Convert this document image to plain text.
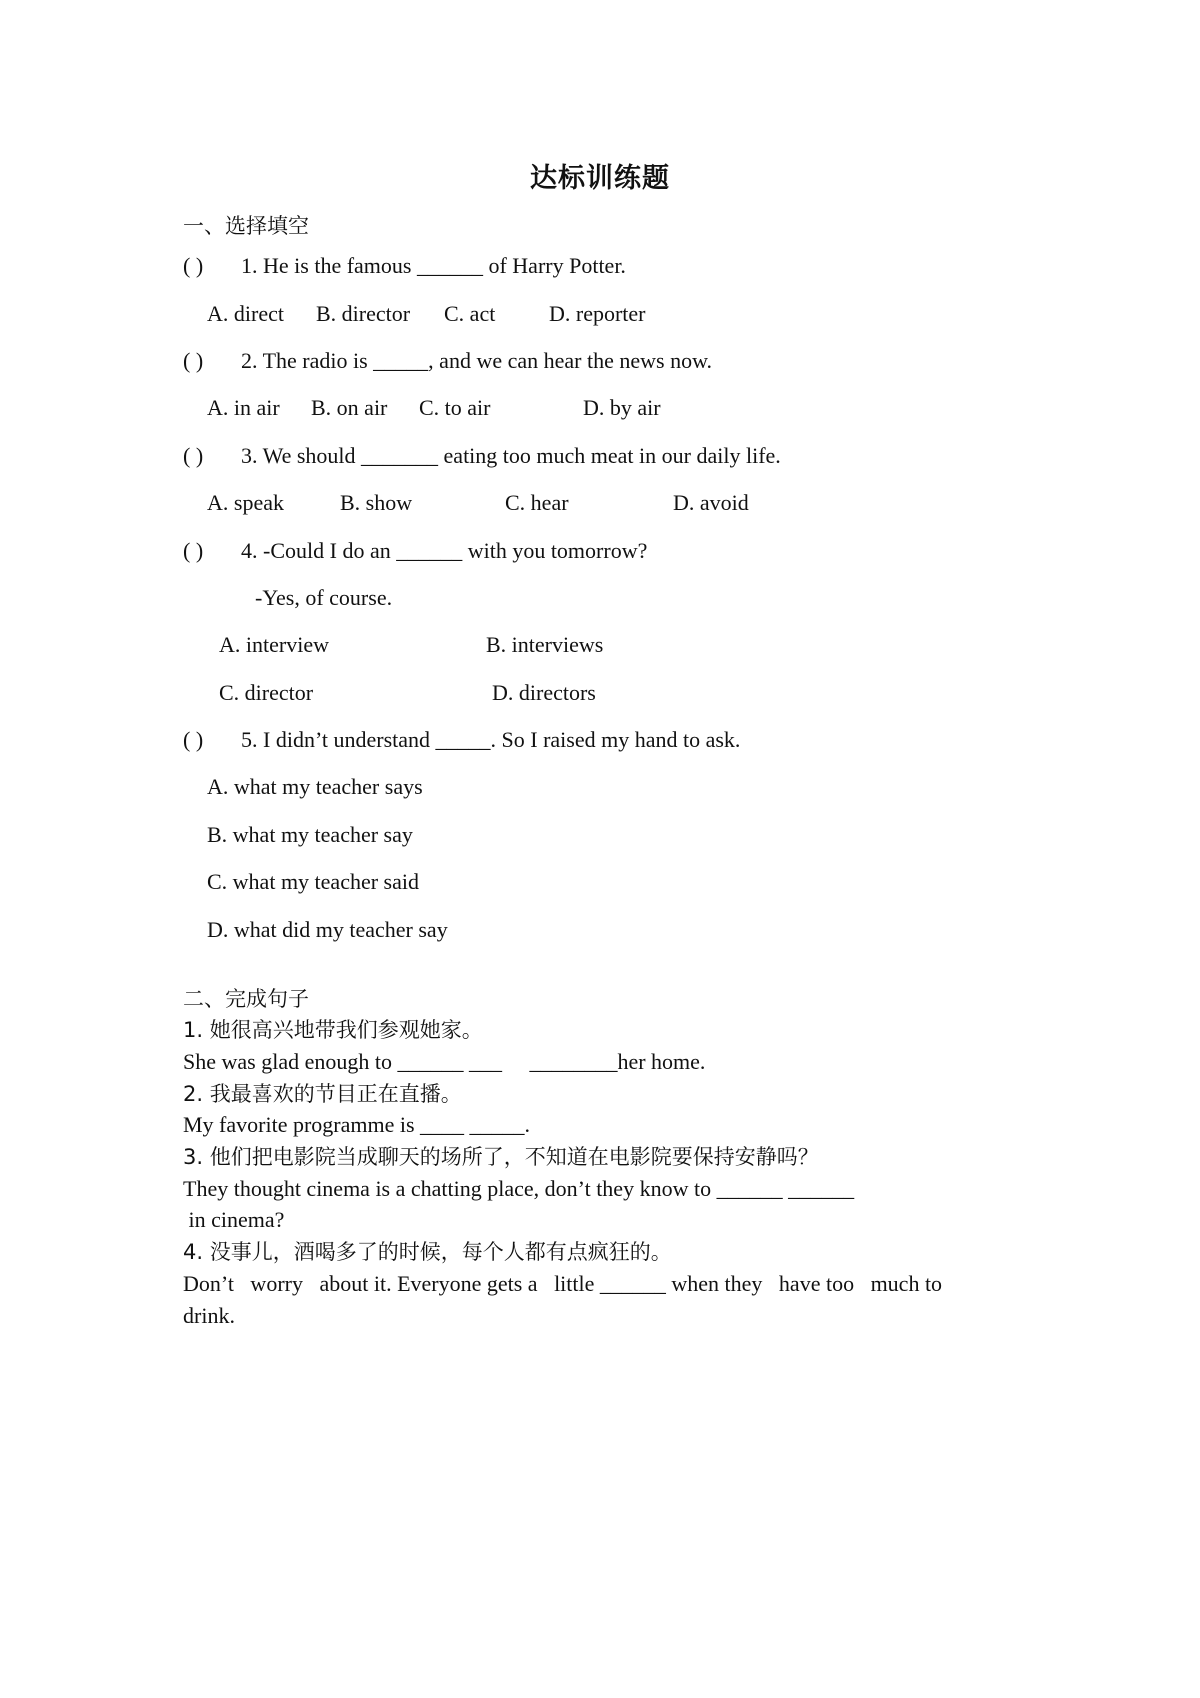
达标训练题
一、选择填空
( ) 1. He is the famous ______ of Harry Potter.
A. direct B. director C. act D. reporter
( ) 2. The radio is _____, and we can hear the news now.
A. in air B. on air C. to air	D. by air
( ) 3. We should _______ eating too much meat in our daily life.
A. speak	B. show	C. hear	D. avoid
( ) 4. -Could I do an ______ with you tomorrow?
-Yes, of course.
A. interview	B. interviews
C. director	D. directors
( ) 5. I didn’t understand _____. So I raised my hand to ask.
A. what my teacher says
B. what my teacher say
C. what my teacher said
D. what did my teacher say
二、完成句子
1. 她很高兴地带我们参观她家。
She was glad enough to ______ ___     ________her home.
2. 我最喜欢的节目正在直播。
My favorite programme is ____ _____.
3. 他们把电影院当成聊天的场所了，不知道在电影院要保持安静吗？
They thought cinema is a chatting place, don’t they know to ______ ______
in cinema?
4. 没事儿，酒喝多了的时候，每个人都有点疯狂的。
Don’t   worry   about it. Everyone gets a   little ______ when they   have too   much to
drink.
